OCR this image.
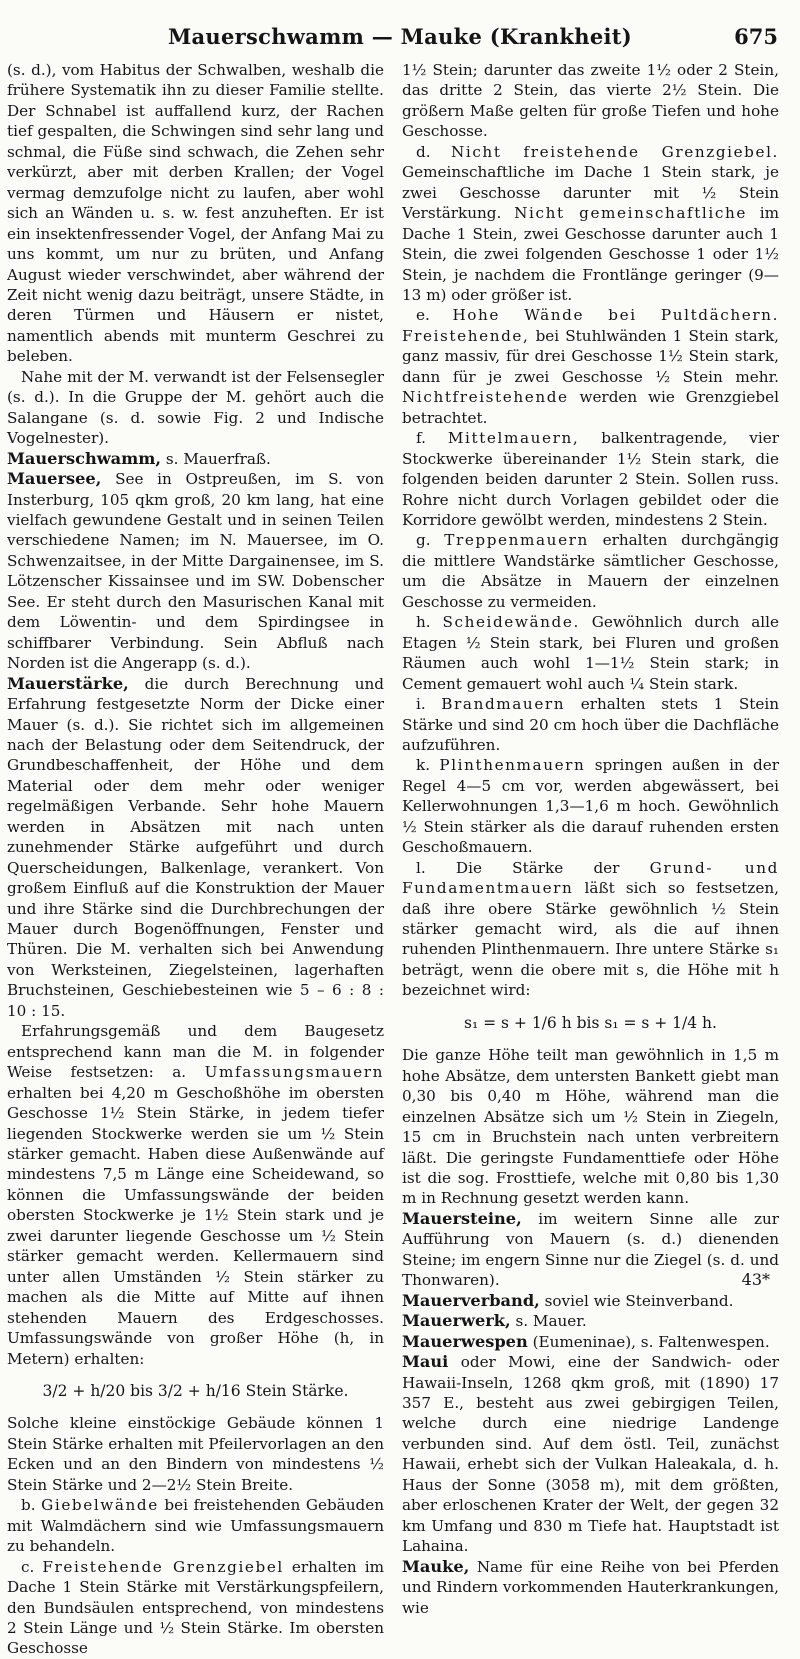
Mauerschwamm — Mauke (Krankheit)	675

(s. d.), vom Habitus der Schwalben, weshalb die frühere Systematik ihn zu dieser Familie stellte. Der Schnabel ist auffallend kurz, der Rachen tief gespalten, die Schwingen sind sehr lang und schmal, die Füße sind schwach, die Zehen sehr verkürzt, aber mit derben Krallen; der Vogel vermag demzufolge nicht zu laufen, aber wohl sich an Wänden u. s. w. fest anzuheften. Er ist ein insektenfressender Vogel, der Anfang Mai zu uns kommt, um nur zu brüten, und Anfang August wieder verschwindet, aber während der Zeit nicht wenig dazu beiträgt, unsere Städte, in deren Türmen und Häusern er nistet, namentlich abends mit munterm Geschrei zu beleben.

Nahe mit der M. verwandt ist der Felsensegler (s. d.). In die Gruppe der M. gehört auch die Salangane (s. d. sowie Fig. 2 und Indische Vogelnester).

Mauerschwamm, s. Mauerfraß.

Mauersee, See in Ostpreußen, im S. von Insterburg, 105 qkm groß, 20 km lang, hat eine vielfach gewundene Gestalt und in seinen Teilen verschiedene Namen; im N. Mauersee, im O. Schwenzaitsee, in der Mitte Dargainensee, im S. Lötzenscher Kissainsee und im SW. Dobenscher See. Er steht durch den Masurischen Kanal mit dem Löwentin- und dem Spirdingsee in schiffbarer Verbindung. Sein Abfluß nach Norden ist die Angerapp (s. d.).

Mauerstärke, die durch Berechnung und Erfahrung festgesetzte Norm der Dicke einer Mauer (s. d.). Sie richtet sich im allgemeinen nach der Belastung oder dem Seitendruck, der Grundbeschaffenheit, der Höhe und dem Material oder dem mehr oder weniger regelmäßigen Verbande. Sehr hohe Mauern werden in Absätzen mit nach unten zunehmender Stärke aufgeführt und durch Querscheidungen, Balkenlage, verankert. Von großem Einfluß auf die Konstruktion der Mauer und ihre Stärke sind die Durchbrechungen der Mauer durch Bogenöffnungen, Fenster und Thüren. Die M. verhalten sich bei Anwendung von Werksteinen, Ziegelsteinen, lagerhaften Bruchsteinen, Geschiebesteinen wie 5 – 6 : 8 : 10 : 15.

Erfahrungsgemäß und dem Baugesetz entsprechend kann man die M. in folgender Weise festsetzen: a. Umfassungsmauern erhalten bei 4,20 m Geschoßhöhe im obersten Geschosse 1½ Stein Stärke, in jedem tiefer liegenden Stockwerke werden sie um ½ Stein stärker gemacht. Haben diese Außenwände auf mindestens 7,5 m Länge eine Scheidewand, so können die Umfassungswände der beiden obersten Stockwerke je 1½ Stein stark und je zwei darunter liegende Geschosse um ½ Stein stärker gemacht werden. Kellermauern sind unter allen Umständen ½ Stein stärker zu machen als die Mitte auf Mitte auf ihnen stehenden Mauern des Erdgeschosses. Umfassungswände von großer Höhe (h, in Metern) erhalten:

3/2 + h/20 bis 3/2 + h/16 Stein Stärke.

Solche kleine einstöckige Gebäude können 1 Stein Stärke erhalten mit Pfeilervorlagen an den Ecken und an den Bindern von mindestens ½ Stein Stärke und 2—2½ Stein Breite.

b. Giebelwände bei freistehenden Gebäuden mit Walmdächern sind wie Umfassungsmauern zu behandeln.

c. Freistehende Grenzgiebel erhalten im Dache 1 Stein Stärke mit Verstärkungspfeilern, den Bundsäulen entsprechend, von mindestens 2 Stein Länge und ½ Stein Stärke. Im obersten Geschosse

1½ Stein; darunter das zweite 1½ oder 2 Stein, das dritte 2 Stein, das vierte 2½ Stein. Die größern Maße gelten für große Tiefen und hohe Geschosse.

d. Nicht freistehende Grenzgiebel. Gemeinschaftliche im Dache 1 Stein stark, je zwei Geschosse darunter mit ½ Stein Verstärkung. Nicht gemeinschaftliche im Dache 1 Stein, zwei Geschosse darunter auch 1 Stein, die zwei folgenden Geschosse 1 oder 1½ Stein, je nachdem die Frontlänge geringer (9—13 m) oder größer ist.

e. Hohe Wände bei Pultdächern. Freistehende, bei Stuhlwänden 1 Stein stark, ganz massiv, für drei Geschosse 1½ Stein stark, dann für je zwei Geschosse ½ Stein mehr. Nichtfreistehende werden wie Grenzgiebel betrachtet.

f. Mittelmauern, balkentragende, vier Stockwerke übereinander 1½ Stein stark, die folgenden beiden darunter 2 Stein. Sollen russ. Rohre nicht durch Vorlagen gebildet oder die Korridore gewölbt werden, mindestens 2 Stein.

g. Treppenmauern erhalten durchgängig die mittlere Wandstärke sämtlicher Geschosse, um die Absätze in Mauern der einzelnen Geschosse zu vermeiden.

h. Scheidewände. Gewöhnlich durch alle Etagen ½ Stein stark, bei Fluren und großen Räumen auch wohl 1—1½ Stein stark; in Cement gemauert wohl auch ¼ Stein stark.

i. Brandmauern erhalten stets 1 Stein Stärke und sind 20 cm hoch über die Dachfläche aufzuführen.

k. Plinthenmauern springen außen in der Regel 4—5 cm vor, werden abgewässert, bei Kellerwohnungen 1,3—1,6 m hoch. Gewöhnlich ½ Stein stärker als die darauf ruhenden ersten Geschoßmauern.

l. Die Stärke der Grund- und Fundamentmauern läßt sich so festsetzen, daß ihre obere Stärke gewöhnlich ½ Stein stärker gemacht wird, als die auf ihnen ruhenden Plinthenmauern. Ihre untere Stärke s₁ beträgt, wenn die obere mit s, die Höhe mit h bezeichnet wird:

s₁ = s + 1/6 h bis s₁ = s + 1/4 h.

Die ganze Höhe teilt man gewöhnlich in 1,5 m hohe Absätze, dem untersten Bankett giebt man 0,30 bis 0,40 m Höhe, während man die einzelnen Absätze sich um ½ Stein in Ziegeln, 15 cm in Bruchstein nach unten verbreitern läßt. Die geringste Fundamenttiefe oder Höhe ist die sog. Frosttiefe, welche mit 0,80 bis 1,30 m in Rechnung gesetzt werden kann.

Mauersteine, im weitern Sinne alle zur Aufführung von Mauern (s. d.) dienenden Steine; im engern Sinne nur die Ziegel (s. d. und Thonwaren).

Mauerverband, soviel wie Steinverband.

Mauerwerk, s. Mauer.

Mauerwespen (Eumeninae), s. Faltenwespen.

Maui oder Mowi, eine der Sandwich- oder Hawaii-Inseln, 1268 qkm groß, mit (1890) 17 357 E., besteht aus zwei gebirgigen Teilen, welche durch eine niedrige Landenge verbunden sind. Auf dem östl. Teil, zunächst Hawaii, erhebt sich der Vulkan Haleakala, d. h. Haus der Sonne (3058 m), mit dem größten, aber erloschenen Krater der Welt, der gegen 32 km Umfang und 830 m Tiefe hat. Hauptstadt ist Lahaina.

Mauke, Name für eine Reihe von bei Pferden und Rindern vorkommenden Hauterkrankungen, wie

43*
